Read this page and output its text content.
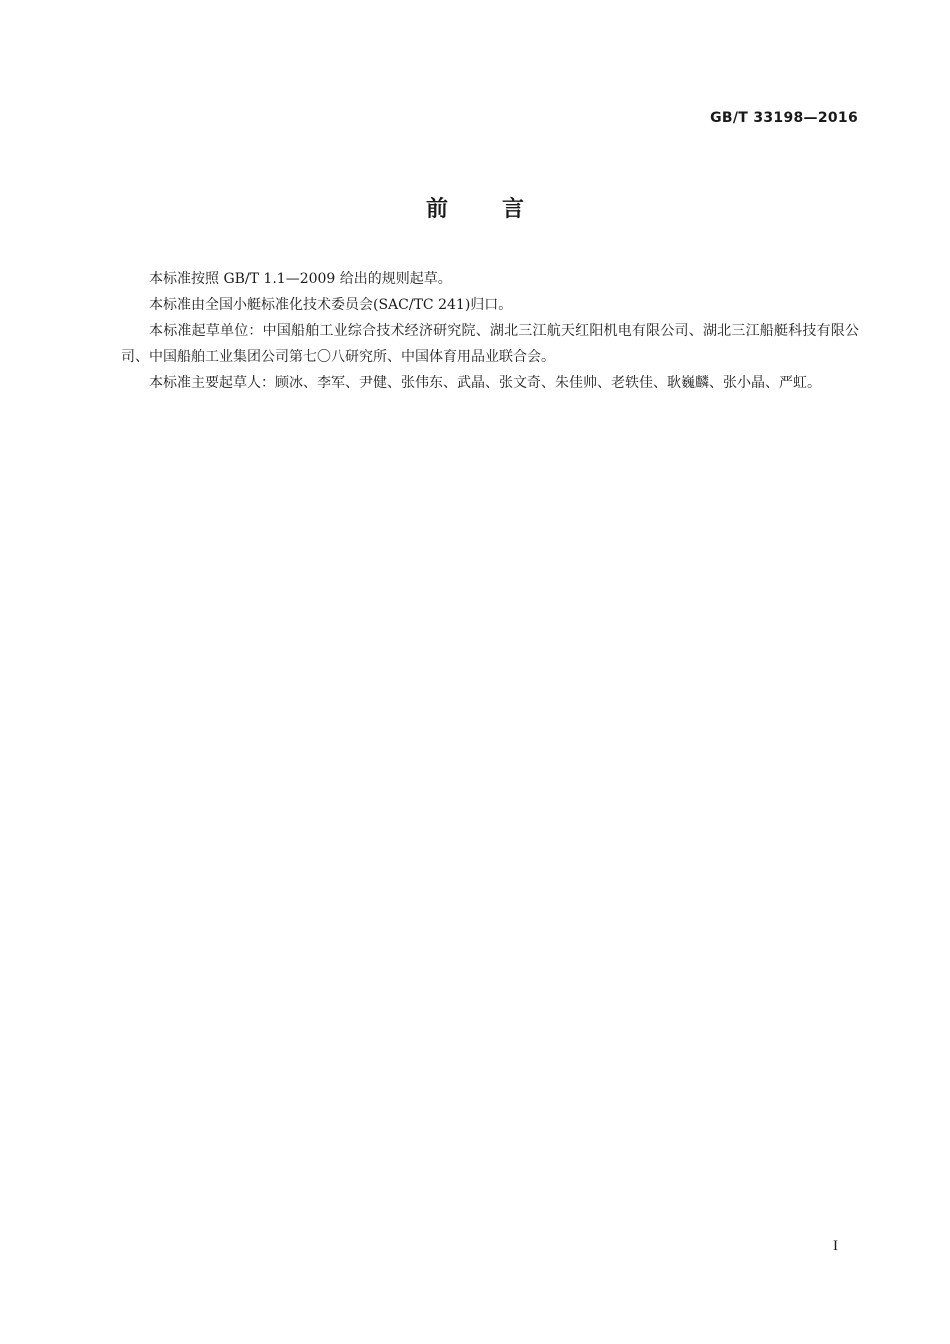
GB/T 33198—2016
前 言

本标准按照 GB/T 1.1—2009 给出的规则起草。

本标准由全国小艇标准化技术委员会(SAC/TC 241)归口。

本标准起草单位：中国船舶工业综合技术经济研究院、湖北三江航天红阳机电有限公司、湖北三江船艇科技有限公司、中国船舶工业集团公司第七〇八研究所、中国体育用品业联合会。

本标准主要起草人：顾冰、李军、尹健、张伟东、武晶、张文奇、朱佳帅、老轶佳、耿巍麟、张小晶、严虹。

I
